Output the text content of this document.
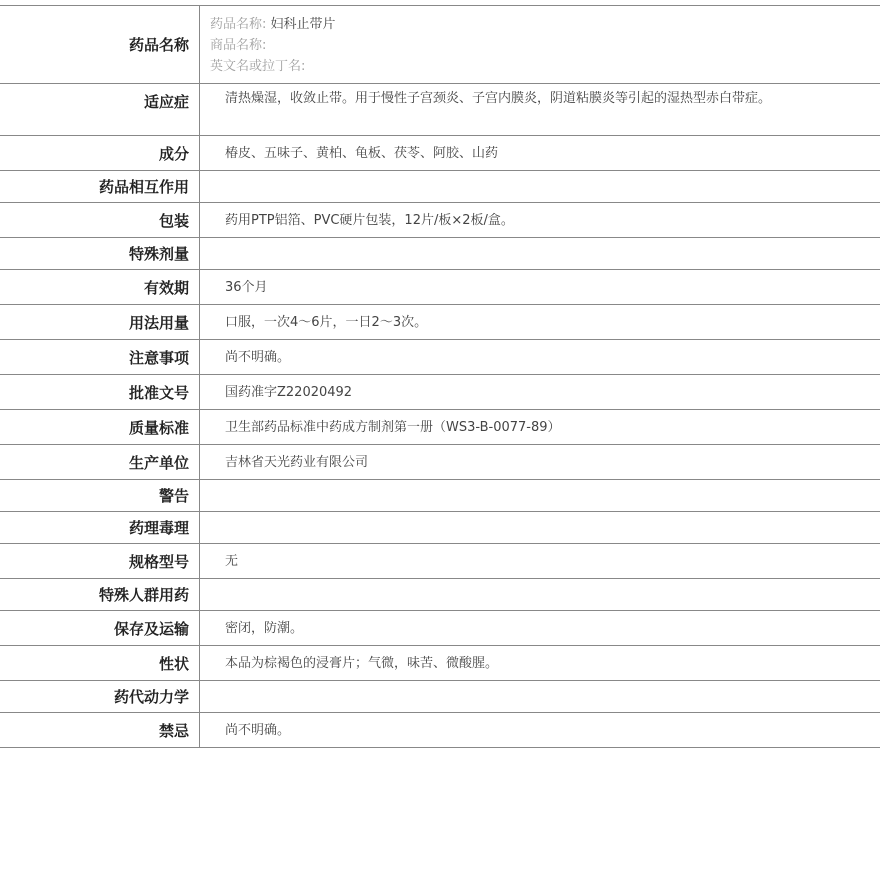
药品名称
药品名称: 妇科止带片
商品名称:
英文名或拉丁名:
适应症	清热燥湿，收敛止带。用于慢性子宫颈炎、子宫内膜炎，阴道粘膜炎等引起的湿热型赤白带症。
成分	椿皮、五味子、黄柏、龟板、茯苓、阿胶、山药
药品相互作用
包装	药用PTP铝箔、PVC硬片包装，12片/板×2板/盒。
特殊剂量
有效期	36个月
用法用量	口服，一次4～6片，一日2～3次。
注意事项	尚不明确。
批准文号	国药准字Z22020492
质量标准	卫生部药品标准中药成方制剂第一册（WS3-B-0077-89）
生产单位	吉林省天光药业有限公司
警告
药理毒理
规格型号	无
特殊人群用药
保存及运输	密闭，防潮。
性状	本品为棕褐色的浸膏片；气微，味苦、微酸腥。
药代动力学
禁忌	尚不明确。
